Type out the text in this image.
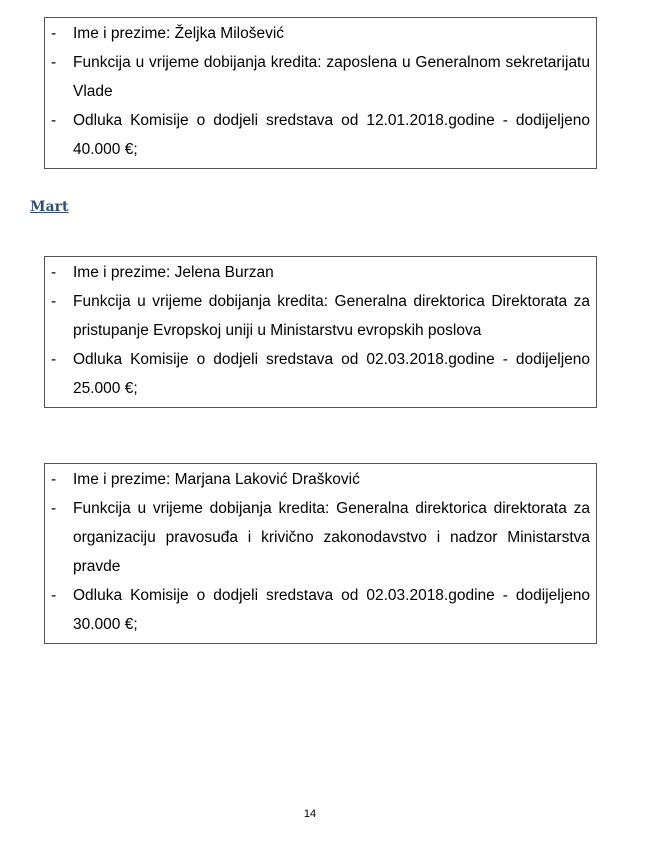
-	Ime i prezime: Željka Milošević
-	Funkcija u vrijeme dobijanja kredita: zaposlena u Generalnom sekretarijatu Vlade
-	Odluka Komisije o dodjeli sredstava od 12.01.2018.godine - dodijeljeno 40.000 €;
Mart
-	Ime i prezime: Jelena Burzan
-	Funkcija u vrijeme dobijanja kredita: Generalna direktorica Direktorata za pristupanje Evropskoj uniji u Ministarstvu evropskih poslova
-	Odluka Komisije o dodjeli sredstava od 02.03.2018.godine - dodijeljeno 25.000 €;
-	Ime i prezime: Marjana Laković Drašković
-	Funkcija u vrijeme dobijanja kredita: Generalna direktorica direktorata za organizaciju pravosuđa i krivično zakonodavstvo i nadzor Ministarstva pravde
-	Odluka Komisije o dodjeli sredstava od 02.03.2018.godine - dodijeljeno 30.000 €;
14
